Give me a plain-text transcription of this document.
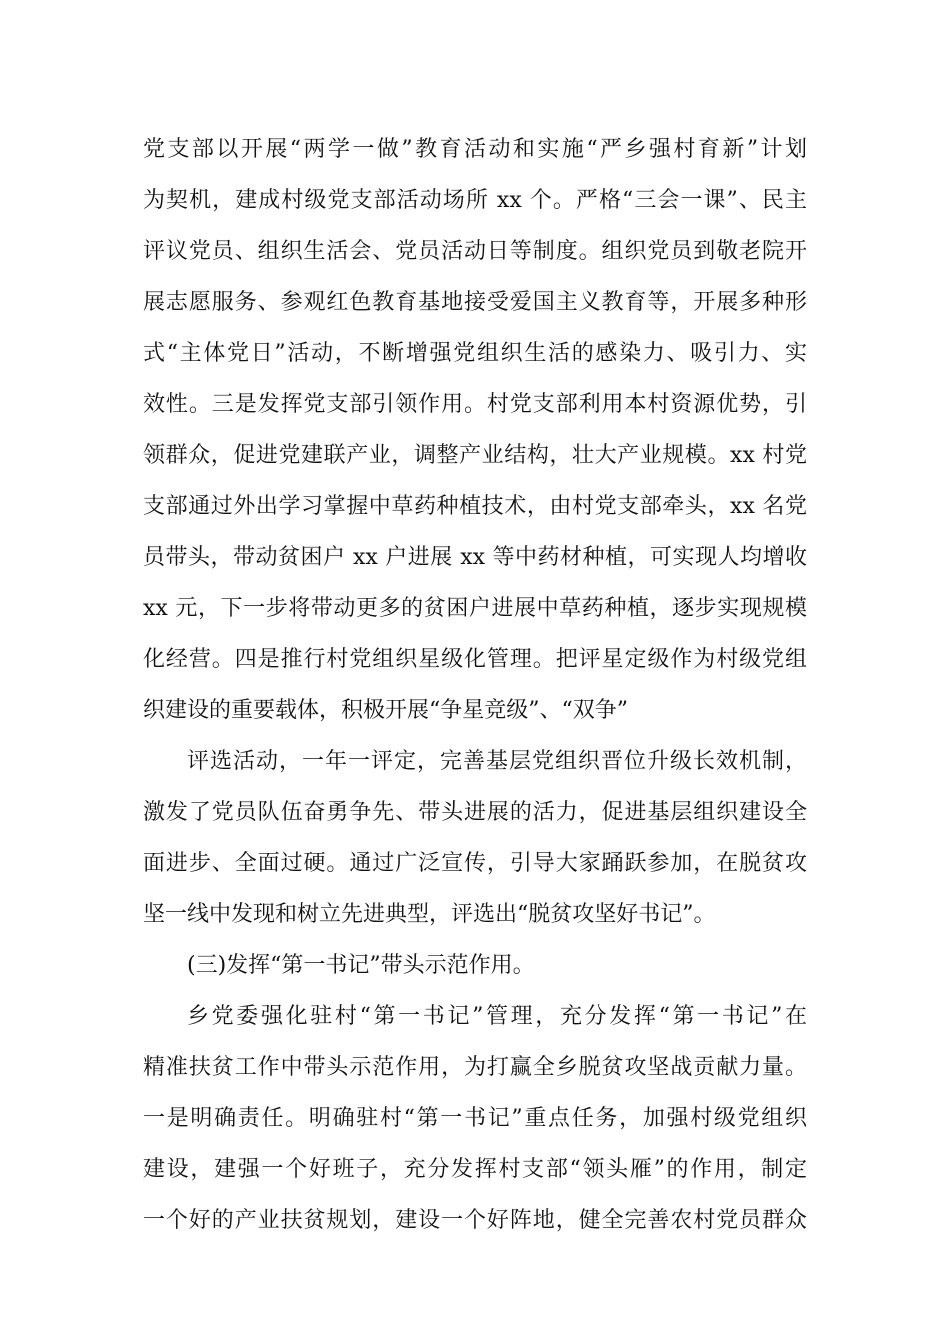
党支部以开展“两学一做”教育活动和实施“严乡强村育新”计划
为契机，建成村级党支部活动场所 xx 个。严格“三会一课”、民主
评议党员、组织生活会、党员活动日等制度。组织党员到敬老院开
展志愿服务、参观红色教育基地接受爱国主义教育等，开展多种形
式“主体党日”活动，不断增强党组织生活的感染力、吸引力、实
效性。三是发挥党支部引领作用。村党支部利用本村资源优势，引
领群众，促进党建联产业，调整产业结构，壮大产业规模。xx 村党
支部通过外出学习掌握中草药种植技术，由村党支部牵头，xx 名党
员带头，带动贫困户 xx 户进展 xx 等中药材种植，可实现人均增收
xx 元，下一步将带动更多的贫困户进展中草药种植，逐步实现规模
化经营。四是推行村党组织星级化管理。把评星定级作为村级党组
织建设的重要载体，积极开展“争星竞级”、“双争”
评选活动，一年一评定，完善基层党组织晋位升级长效机制，
激发了党员队伍奋勇争先、带头进展的活力，促进基层组织建设全
面进步、全面过硬。通过广泛宣传，引导大家踊跃参加，在脱贫攻
坚一线中发现和树立先进典型，评选出“脱贫攻坚好书记”。
(三)发挥“第一书记”带头示范作用。
乡党委强化驻村“第一书记”管理，充分发挥“第一书记”在
精准扶贫工作中带头示范作用，为打赢全乡脱贫攻坚战贡献力量。
一是明确责任。明确驻村“第一书记”重点任务，加强村级党组织
建设，建强一个好班子，充分发挥村支部“领头雁”的作用，制定
一个好的产业扶贫规划，建设一个好阵地，健全完善农村党员群众
